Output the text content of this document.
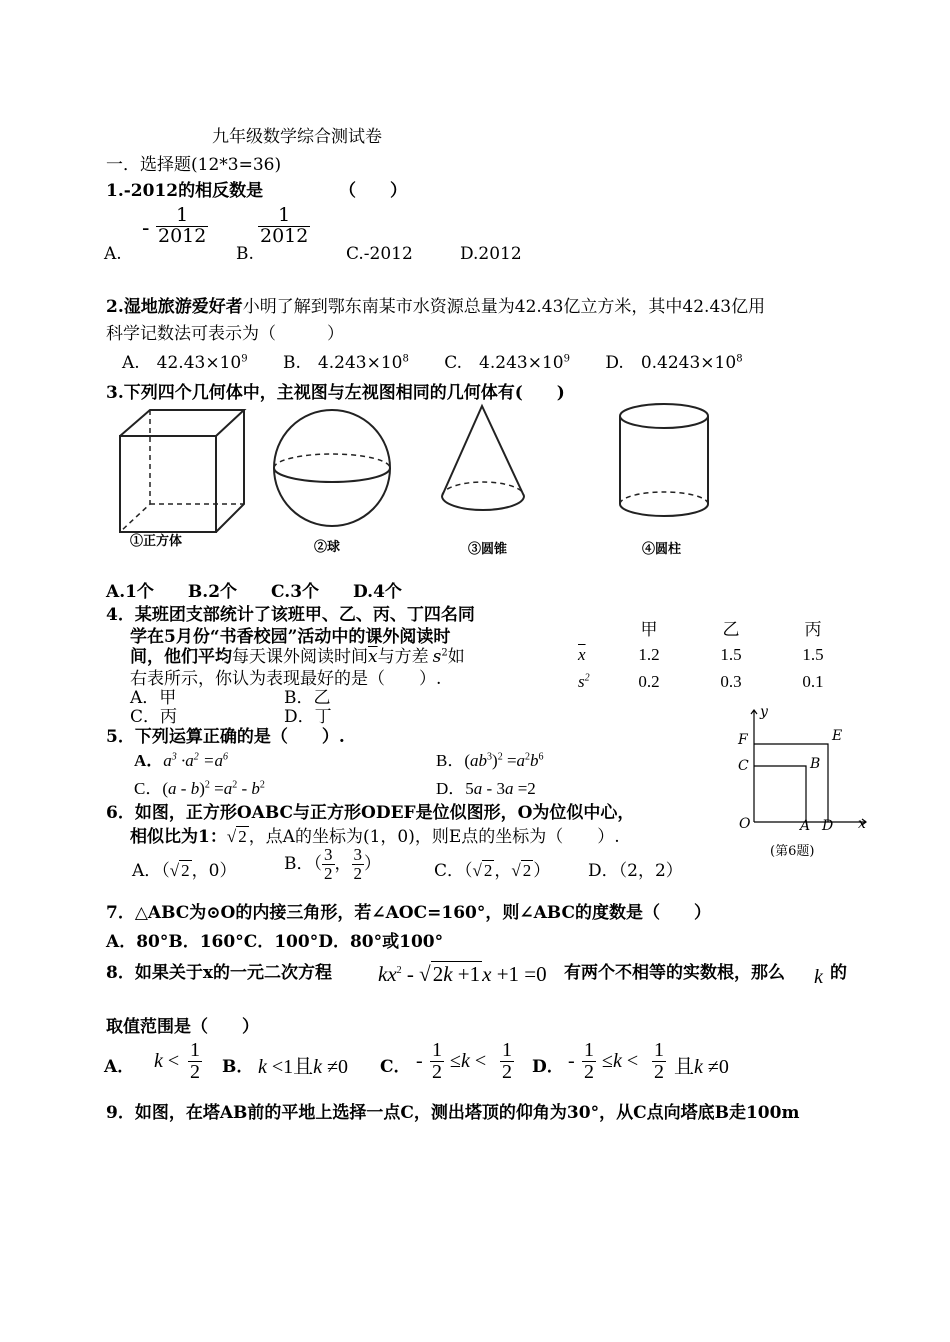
九年级数学综合测试卷
一．选择题(12*3=36)
1.-2012的相反数是	（　　）
A.
- $\frac{1}{2012}$
B.
$\frac{1}{2012}$
C.-2012	D.2012
2.湿地旅游爱好者小明了解到鄂东南某市水资源总量为42.43亿立方米，其中42.43亿用
科学记数法可表示为（　　　）
A.　$42.43\times 10^9$ B.　$4.243\times 10^8$ C.　$4.243\times 10^9$ D.　$0.4243\times 10^8$
3.下列四个几何体中，主视图与左视图相同的几何体有(　　)
①正方体	②球	③圆锥	④圆柱
A.1个　　B.2个　　C.3个　　D.4个
4．某班团支部统计了该班甲、乙、丙、丁四名同
学在5月份“书香校园”活动中的课外阅读时
间，他们平均每天课外阅读时间$\overline{x}$与方差 $s^2$如
右表所示，你认为表现最好的是（　　）.
A．甲	B．乙
C．丙	D．丁
	甲	乙	丙
$\overline{x}$	1.2	1.5	1.5
$s^2$	0.2	0.3	0.1
5．下列运算正确的是（　　）.
A．$a^3 \cdot a^2 =a^6$	B．$(ab^3)^2 =a^2b^6$
C．$(a - b)^2 =a^2 - b^2$	D．5a - 3a =2
y
x
O	A D
B
C
E
F
(第6题)
6．如图，正方形OABC与正方形ODEF是位似图形，O为位似中心，
相似比为1：√ 2 ，点A的坐标为(1，0)，则E点的坐标为（　　）.
A．（√ 2 ，0）	B．（ $\frac{3}{2}$ ， $\frac{3}{2}$ ）	C．（√ 2 ，√ 2 ） D．（2，2）
7．△ABC为⊙O的内接三角形，若∠AOC=160°，则∠ABC的度数是（　　）
A．80°B．160°C．100°D．80°或100°
8．如果关于x的一元二次方程 $kx^2 - √2k +1x +1 =0$ 有两个不相等的实数根，那么 k 的
取值范围是（　　）
A． $k < \frac{1}{2}$ B． k <1且k ≠0 C． - $\frac{1}{2} \le k < \frac{1}{2}$ D． - $\frac{1}{2} \le k < \frac{1}{2}$ 且k ≠0
9．如图，在塔AB前的平地上选择一点C，测出塔顶的仰角为30°，从C点向塔底B走100m
